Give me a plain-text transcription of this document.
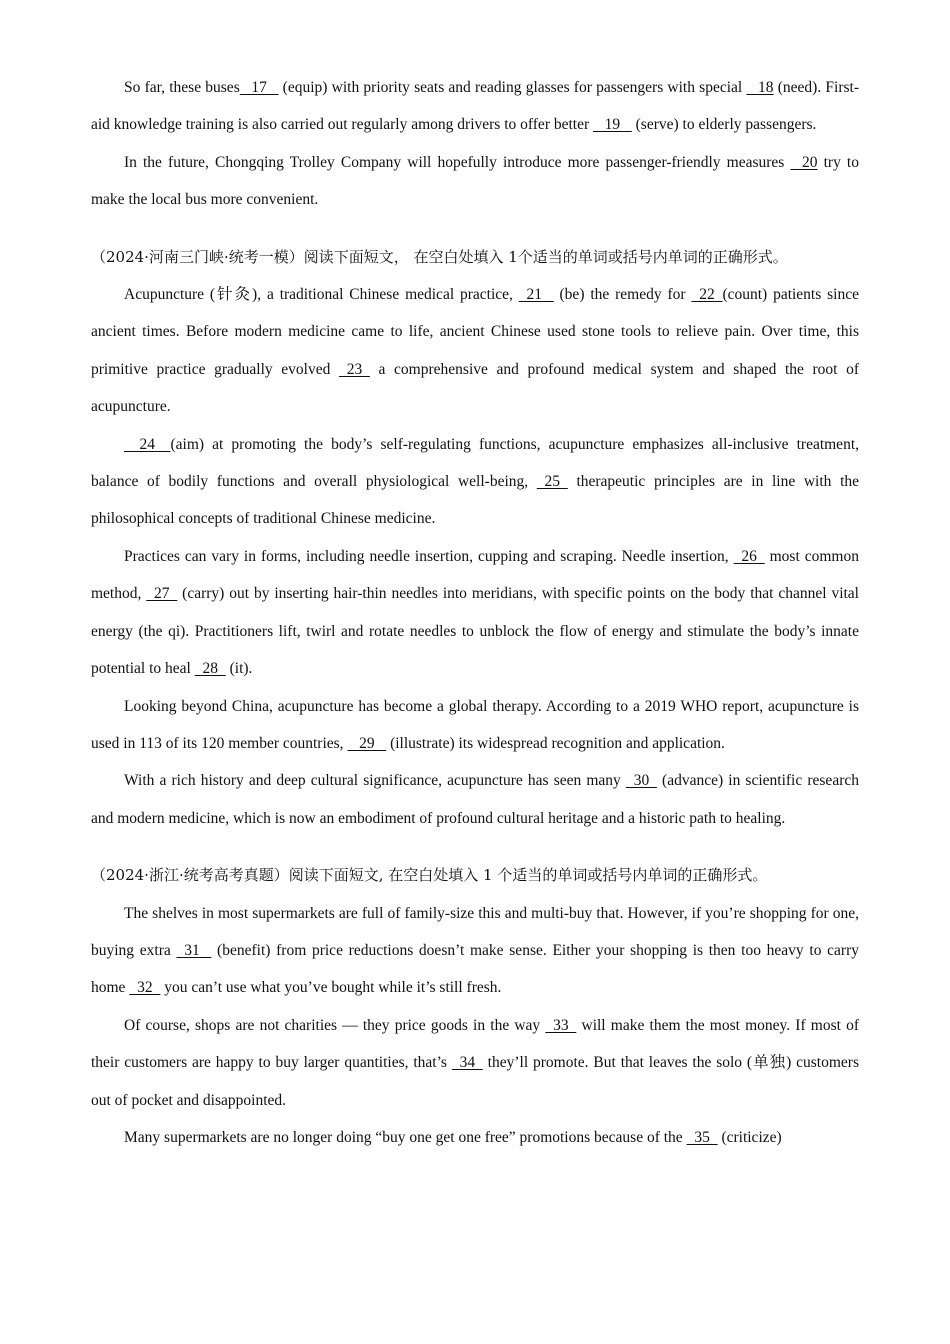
So far, these buses   17    (equip) with priority seats and reading glasses for passengers with special    18 (need). First-aid knowledge training is also carried out regularly among drivers to offer better    19    (serve) to elderly passengers.

In the future, Chongqing Trolley Company will hopefully introduce more passenger-friendly measures    20 try to make the local bus more convenient.

（2024·河南三门峡·统考一模）阅读下面短文， 在空白处填入 1个适当的单词或括号内单词的正确形式。

Acupuncture (针灸), a traditional Chinese medical practice,   21    (be) the remedy for   22  (count) patients since ancient times. Before modern medicine came to life, ancient Chinese used stone tools to relieve pain. Over time, this primitive practice gradually evolved   23   a comprehensive and profound medical system and shaped the root of acupuncture.

24    (aim) at promoting the body’s self-regulating functions, acupuncture emphasizes all-inclusive treatment, balance of bodily functions and overall physiological well-being,   25   therapeutic principles are in line with the philosophical concepts of traditional Chinese medicine.

Practices can vary in forms, including needle insertion, cupping and scraping. Needle insertion,   26   most common method,   27   (carry) out by inserting hair-thin needles into meridians, with specific points on the body that channel vital energy (the qi). Practitioners lift, twirl and rotate needles to unblock the flow of energy and stimulate the body’s innate potential to heal   28   (it).

Looking beyond China, acupuncture has become a global therapy. According to a 2019 WHO report, acupuncture is used in 113 of its 120 member countries,    29    (illustrate) its widespread recognition and application.

With a rich history and deep cultural significance, acupuncture has seen many   30   (advance) in scientific research and modern medicine, which is now an embodiment of profound cultural heritage and a historic path to healing.

（2024·浙江·统考高考真题）阅读下面短文, 在空白处填入 1 个适当的单词或括号内单词的正确形式。

The shelves in most supermarkets are full of family-size this and multi-buy that. However, if you’re shopping for one, buying extra   31    (benefit) from price reductions doesn’t make sense. Either your shopping is then too heavy to carry home   32   you can’t use what you’ve bought while it’s still fresh.

Of course, shops are not charities — they price goods in the way   33   will make them the most money. If most of their customers are happy to buy larger quantities, that’s   34   they’ll promote. But that leaves the solo (单独) customers out of pocket and disappointed.

Many supermarkets are no longer doing “buy one get one free” promotions because of the   35   (criticize)
